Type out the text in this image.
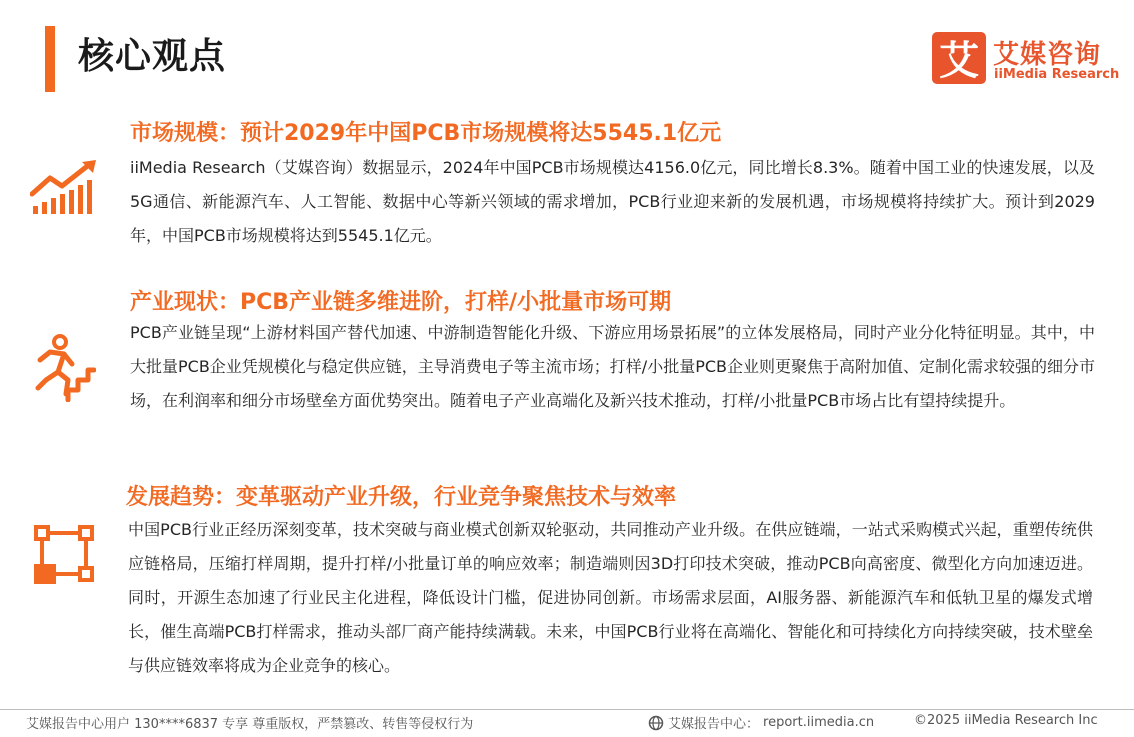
核心观点	艾 艾媒咨询
iiMedia Research
市场规模：预计2029年中国PCB市场规模将达5545.1亿元
iiMedia Research（艾媒咨询）数据显示，2024年中国PCB市场规模达4156.0亿元，同比增长8.3%。随着中国工业的快速发展，以及5G通信、新能源汽车、人工智能、数据中心等新兴领域的需求增加，PCB行业迎来新的发展机遇，市场规模将持续扩大。预计到2029年，中国PCB市场规模将达到5545.1亿元。
产业现状：PCB产业链多维进阶，打样/小批量市场可期
PCB产业链呈现“上游材料国产替代加速、中游制造智能化升级、下游应用场景拓展”的立体发展格局，同时产业分化特征明显。其中，中大批量PCB企业凭规模化与稳定供应链，主导消费电子等主流市场；打样/小批量PCB企业则更聚焦于高附加值、定制化需求较强的细分市场，在利润率和细分市场壁垒方面优势突出。随着电子产业高端化及新兴技术推动，打样/小批量PCB市场占比有望持续提升。
发展趋势：变革驱动产业升级，行业竞争聚焦技术与效率
中国PCB行业正经历深刻变革，技术突破与商业模式创新双轮驱动，共同推动产业升级。在供应链端，一站式采购模式兴起，重塑传统供应链格局，压缩打样周期，提升打样/小批量订单的响应效率；制造端则因3D打印技术突破，推动PCB向高密度、微型化方向加速迈进。同时，开源生态加速了行业民主化进程，降低设计门槛，促进协同创新。市场需求层面，AI服务器、新能源汽车和低轨卫星的爆发式增长，催生高端PCB打样需求，推动头部厂商产能持续满载。未来，中国PCB行业将在高端化、智能化和可持续化方向持续突破，技术壁垒与供应链效率将成为企业竞争的核心。
艾媒报告中心用户 130****6837 专享 尊重版权，严禁篡改、转售等侵权行为	艾媒报告中心： report.iimedia.cn	©2025 iiMedia Research Inc
